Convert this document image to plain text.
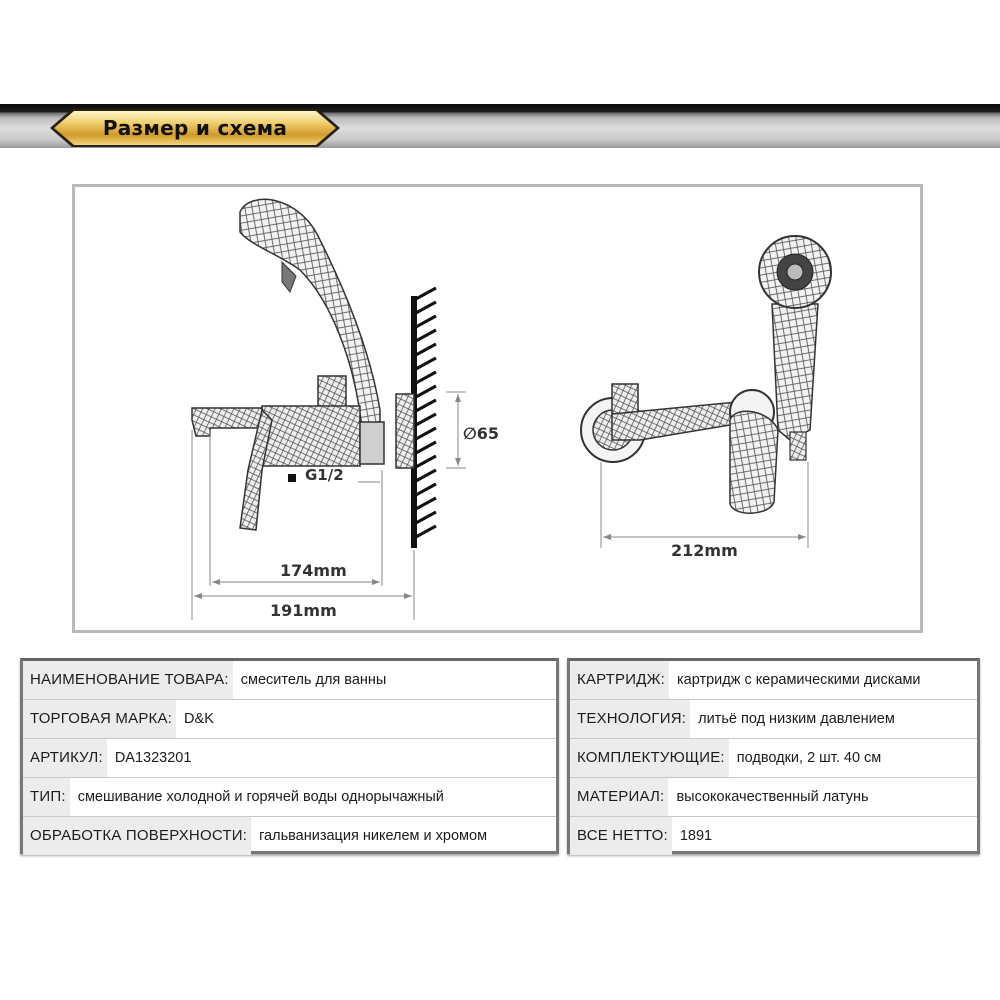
Размер и схема
∅65
G1/2
174mm
191mm
212mm
НАИМЕНОВАНИЕ ТОВАРА: смеситель для ванны
ТОРГОВАЯ МАРКА: D&K
АРТИКУЛ: DA1323201
ТИП: смешивание холодной и горячей воды однорычажный
ОБРАБОТКА ПОВЕРХНОСТИ: гальванизация никелем и хромом
КАРТРИДЖ: картридж с керамическими дисками
ТЕХНОЛОГИЯ: литьё под низким давлением
КОМПЛЕКТУЮЩИЕ: подводки, 2 шт. 40 см
МАТЕРИАЛ: высококачественный латунь
ВСЕ НЕТТО: 1891
